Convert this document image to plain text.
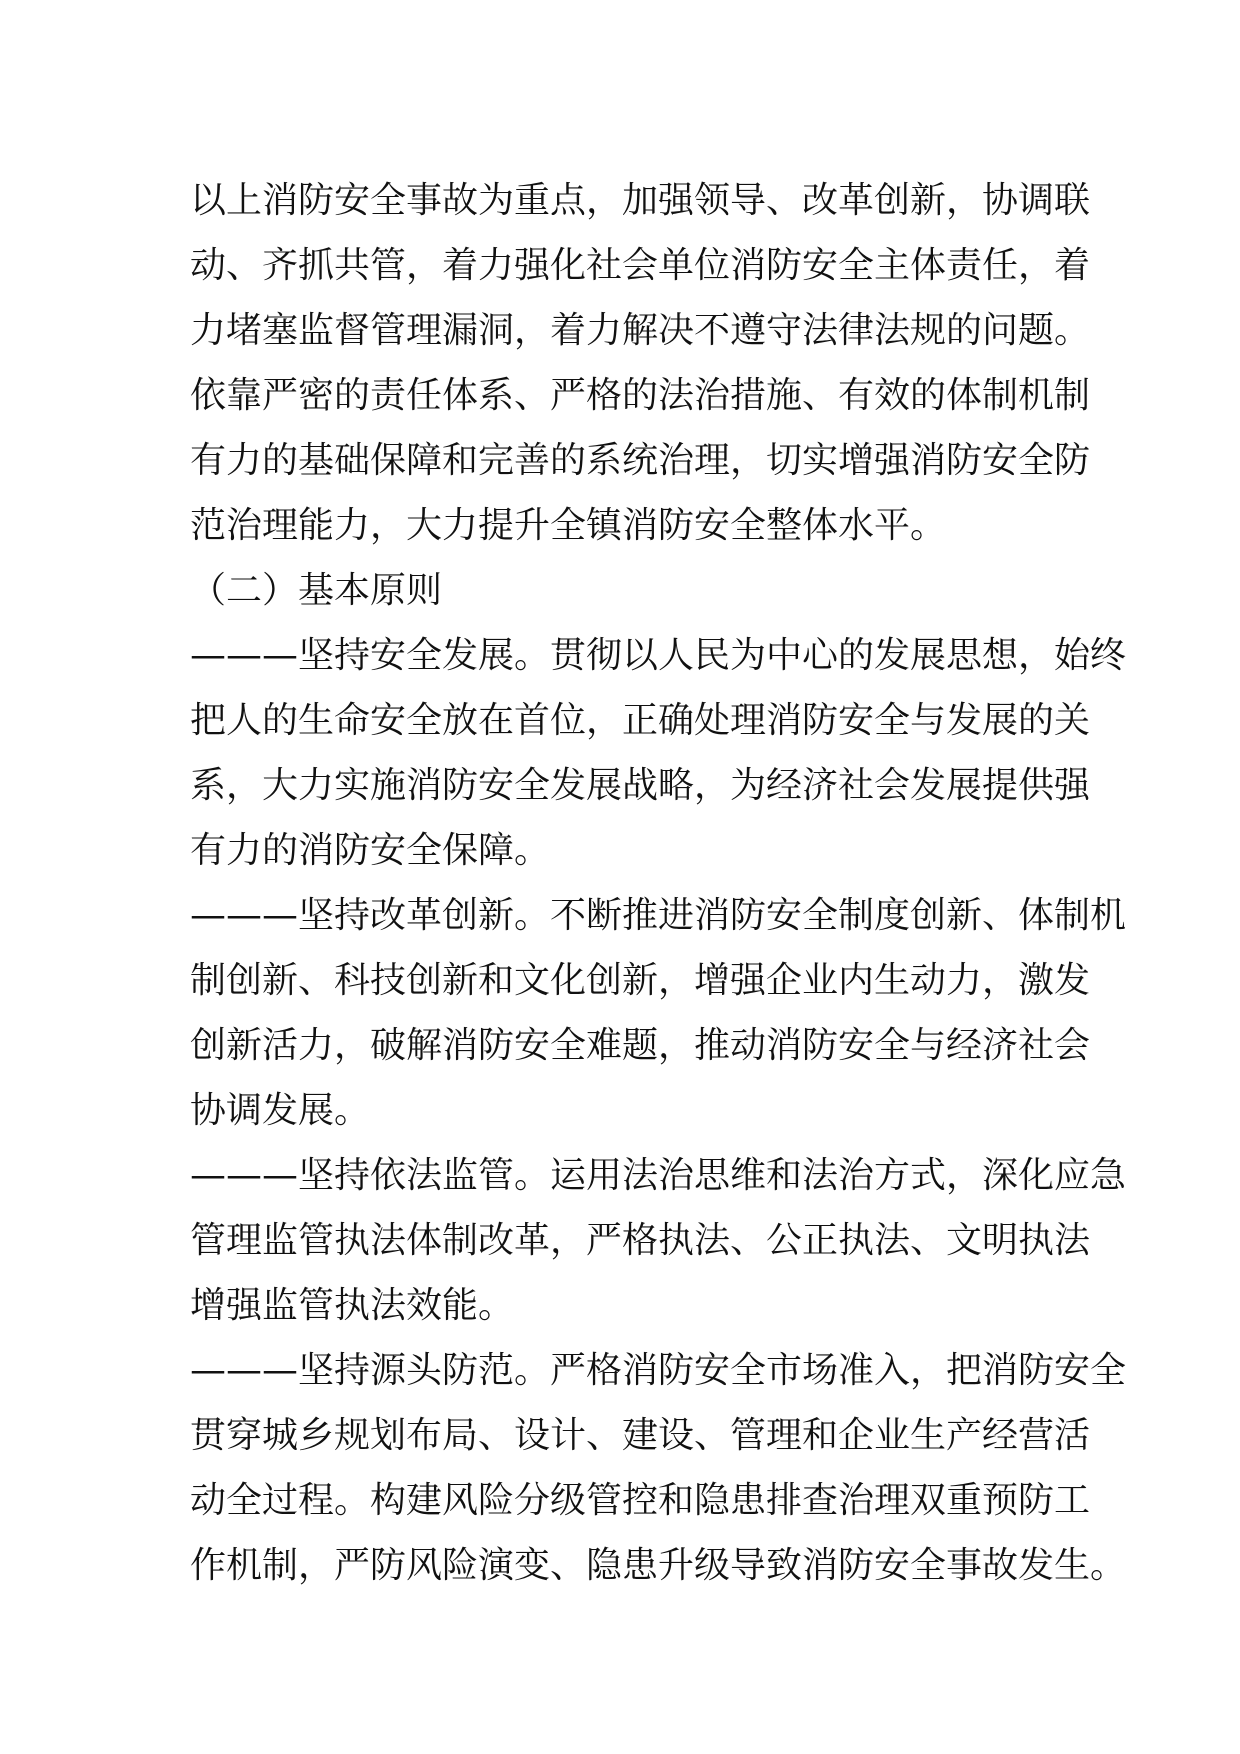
以上消防安全事故为重点，加强领导、改革创新，协调联
动、齐抓共管，着力强化社会单位消防安全主体责任，着
力堵塞监督管理漏洞，着力解决不遵守法律法规的问题。
依靠严密的责任体系、严格的法治措施、有效的体制机制
有力的基础保障和完善的系统治理，切实增强消防安全防
范治理能力，大力提升全镇消防安全整体水平。
（二）基本原则
———坚持安全发展。贯彻以人民为中心的发展思想，始终
把人的生命安全放在首位，正确处理消防安全与发展的关
系，大力实施消防安全发展战略，为经济社会发展提供强
有力的消防安全保障。
———坚持改革创新。不断推进消防安全制度创新、体制机
制创新、科技创新和文化创新，增强企业内生动力，激发
创新活力，破解消防安全难题，推动消防安全与经济社会
协调发展。
———坚持依法监管。运用法治思维和法治方式，深化应急
管理监管执法体制改革，严格执法、公正执法、文明执法
增强监管执法效能。
———坚持源头防范。严格消防安全市场准入，把消防安全
贯穿城乡规划布局、设计、建设、管理和企业生产经营活
动全过程。构建风险分级管控和隐患排查治理双重预防工
作机制，严防风险演变、隐患升级导致消防安全事故发生。
